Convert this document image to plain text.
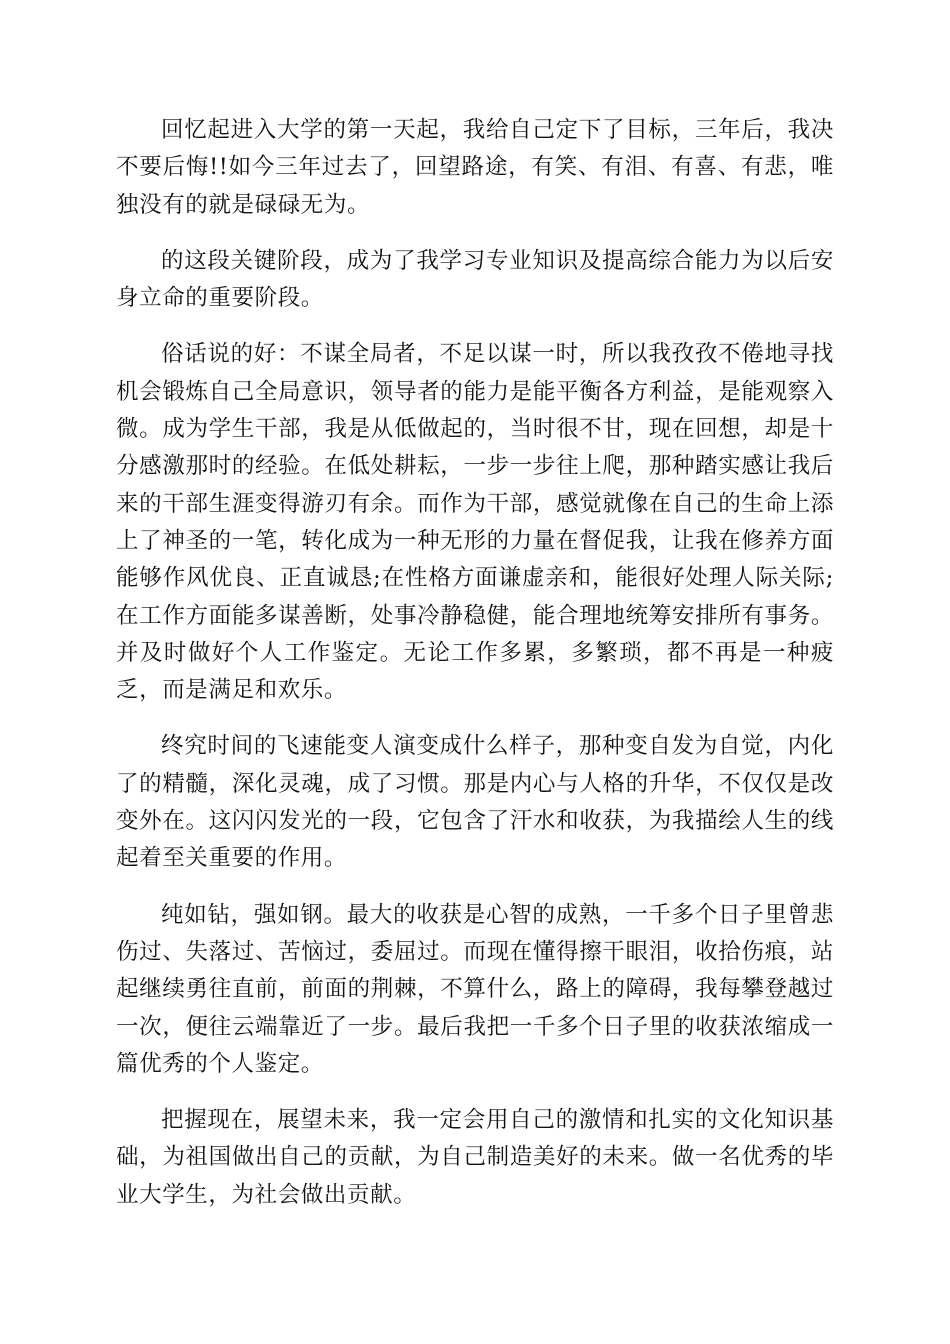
回忆起进入大学的第一天起，我给自己定下了目标，三年后，我决不要后悔!!如今三年过去了，回望路途，有笑、有泪、有喜、有悲，唯独没有的就是碌碌无为。

的这段关键阶段，成为了我学习专业知识及提高综合能力为以后安身立命的重要阶段。

俗话说的好：不谋全局者，不足以谋一时，所以我孜孜不倦地寻找机会锻炼自己全局意识，领导者的能力是能平衡各方利益，是能观察入微。成为学生干部，我是从低做起的，当时很不甘，现在回想，却是十分感激那时的经验。在低处耕耘，一步一步往上爬，那种踏实感让我后来的干部生涯变得游刃有余。而作为干部，感觉就像在自己的生命上添上了神圣的一笔，转化成为一种无形的力量在督促我，让我在修养方面能够作风优良、正直诚恳;在性格方面谦虚亲和，能很好处理人际关际;在工作方面能多谋善断，处事冷静稳健，能合理地统筹安排所有事务。并及时做好个人工作鉴定。无论工作多累，多繁琐，都不再是一种疲乏，而是满足和欢乐。

终究时间的飞速能变人演变成什么样子，那种变自发为自觉，内化了的精髓，深化灵魂，成了习惯。那是内心与人格的升华，不仅仅是改变外在。这闪闪发光的一段，它包含了汗水和收获，为我描绘人生的线起着至关重要的作用。

纯如钻，强如钢。最大的收获是心智的成熟，一千多个日子里曾悲伤过、失落过、苦恼过，委屈过。而现在懂得擦干眼泪，收拾伤痕，站起继续勇往直前，前面的荆棘，不算什么，路上的障碍，我每攀登越过一次，便往云端靠近了一步。最后我把一千多个日子里的收获浓缩成一篇优秀的个人鉴定。

把握现在，展望未来，我一定会用自己的激情和扎实的文化知识基础，为祖国做出自己的贡献，为自己制造美好的未来。做一名优秀的毕业大学生，为社会做出贡献。
